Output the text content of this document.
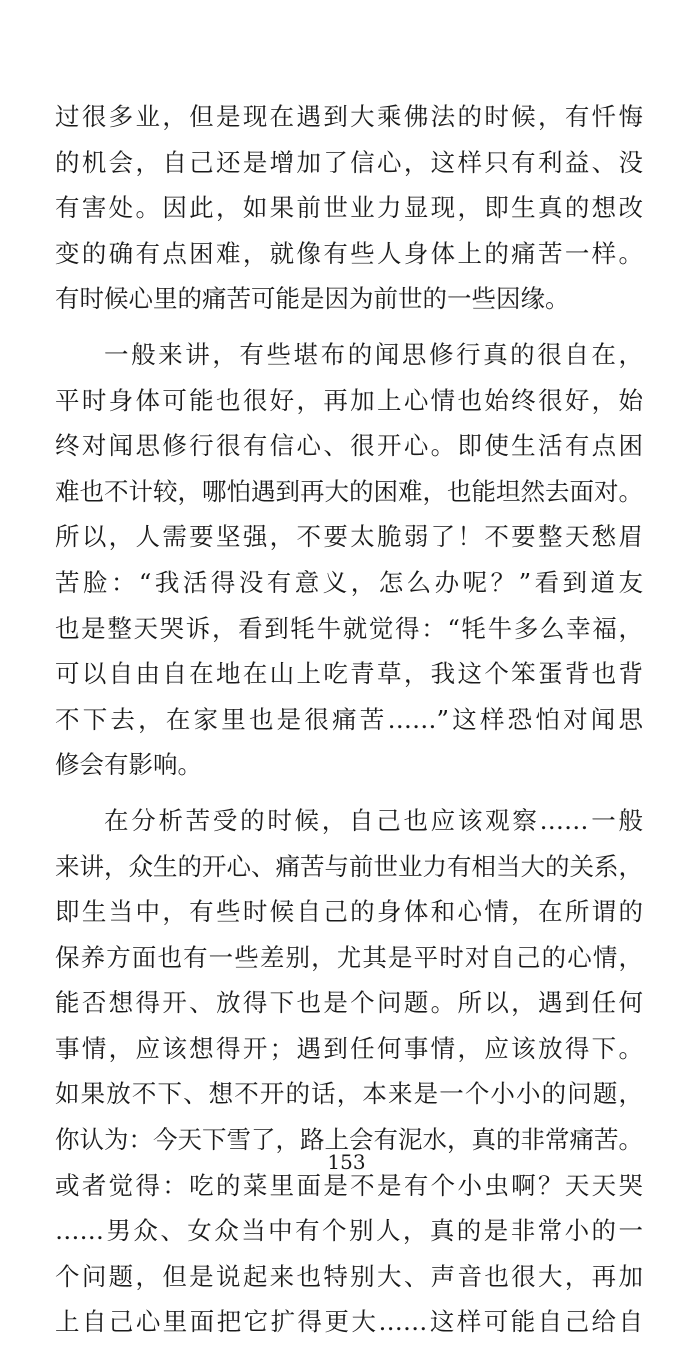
过很多业，但是现在遇到大乘佛法的时候，有忏悔
的机会，自己还是增加了信心，这样只有利益、没
有害处。因此，如果前世业力显现，即生真的想改
变的确有点困难，就像有些人身体上的痛苦一样。
有时候心里的痛苦可能是因为前世的一些因缘。
一般来讲，有些堪布的闻思修行真的很自在，
平时身体可能也很好，再加上心情也始终很好，始
终对闻思修行很有信心、很开心。即使生活有点困
难也不计较，哪怕遇到再大的困难，也能坦然去面对。
所以，人需要坚强，不要太脆弱了！不要整天愁眉
苦脸：“我活得没有意义，怎么办呢？”看到道友
也是整天哭诉，看到牦牛就觉得：“牦牛多么幸福，
可以自由自在地在山上吃青草，我这个笨蛋背也背
不下去，在家里也是很痛苦……”这样恐怕对闻思
修会有影响。
在分析苦受的时候，自己也应该观察……一般
来讲，众生的开心、痛苦与前世业力有相当大的关系，
即生当中，有些时候自己的身体和心情，在所谓的
保养方面也有一些差别，尤其是平时对自己的心情，
能否想得开、放得下也是个问题。所以，遇到任何
事情，应该想得开；遇到任何事情，应该放得下。
如果放不下、想不开的话，本来是一个小小的问题，
你认为：今天下雪了，路上会有泥水，真的非常痛苦。
或者觉得：吃的菜里面是不是有个小虫啊？天天哭
……男众、女众当中有个别人，真的是非常小的一
个问题，但是说起来也特别大、声音也很大，再加
上自己心里面把它扩得更大……这样可能自己给自
153
